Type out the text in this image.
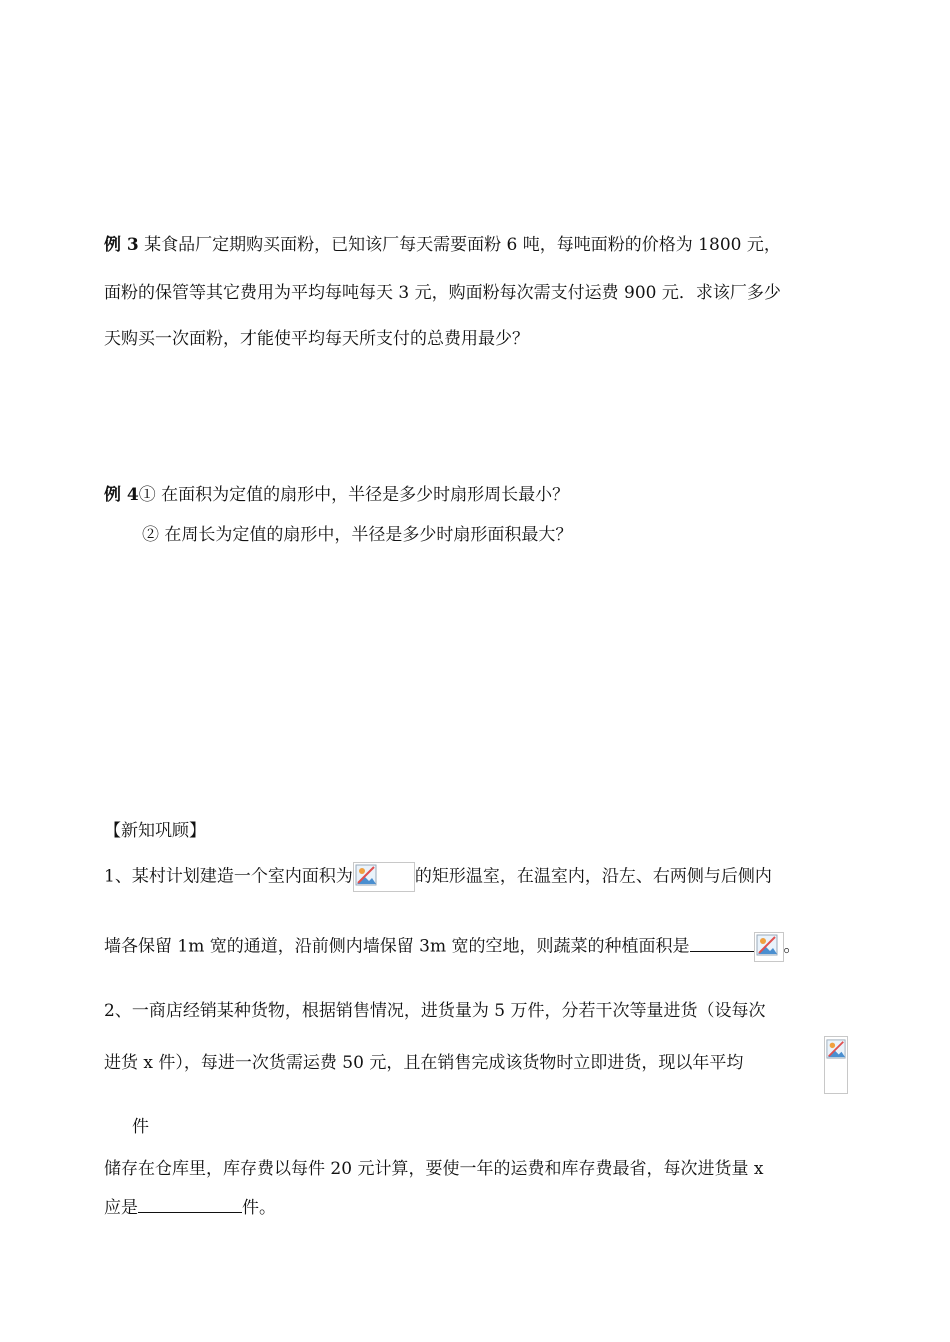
例 3 某食品厂定期购买面粉，已知该厂每天需要面粉 6 吨，每吨面粉的价格为 1800 元，
面粉的保管等其它费用为平均每吨每天 3 元，购面粉每次需支付运费 900 元．求该厂多少
天购买一次面粉，才能使平均每天所支付的总费用最少？
例 4① 在面积为定值的扇形中，半径是多少时扇形周长最小？
② 在周长为定值的扇形中，半径是多少时扇形面积最大？
【新知巩顾】
1、某村计划建造一个室内面积为	的矩形温室，在温室内，沿左、右两侧与后侧内
墙各保留 1m 宽的通道，沿前侧内墙保留 3m 宽的空地，则蔬菜的种植面积是	。
2、一商店经销某种货物，根据销售情况，进货量为 5 万件，分若干次等量进货（设每次
进货 x 件），每进一次货需运费 50 元，且在销售完成该货物时立即进货，现以年平均
件
储存在仓库里，库存费以每件 20 元计算，要使一年的运费和库存费最省，每次进货量 x
应是	件。
